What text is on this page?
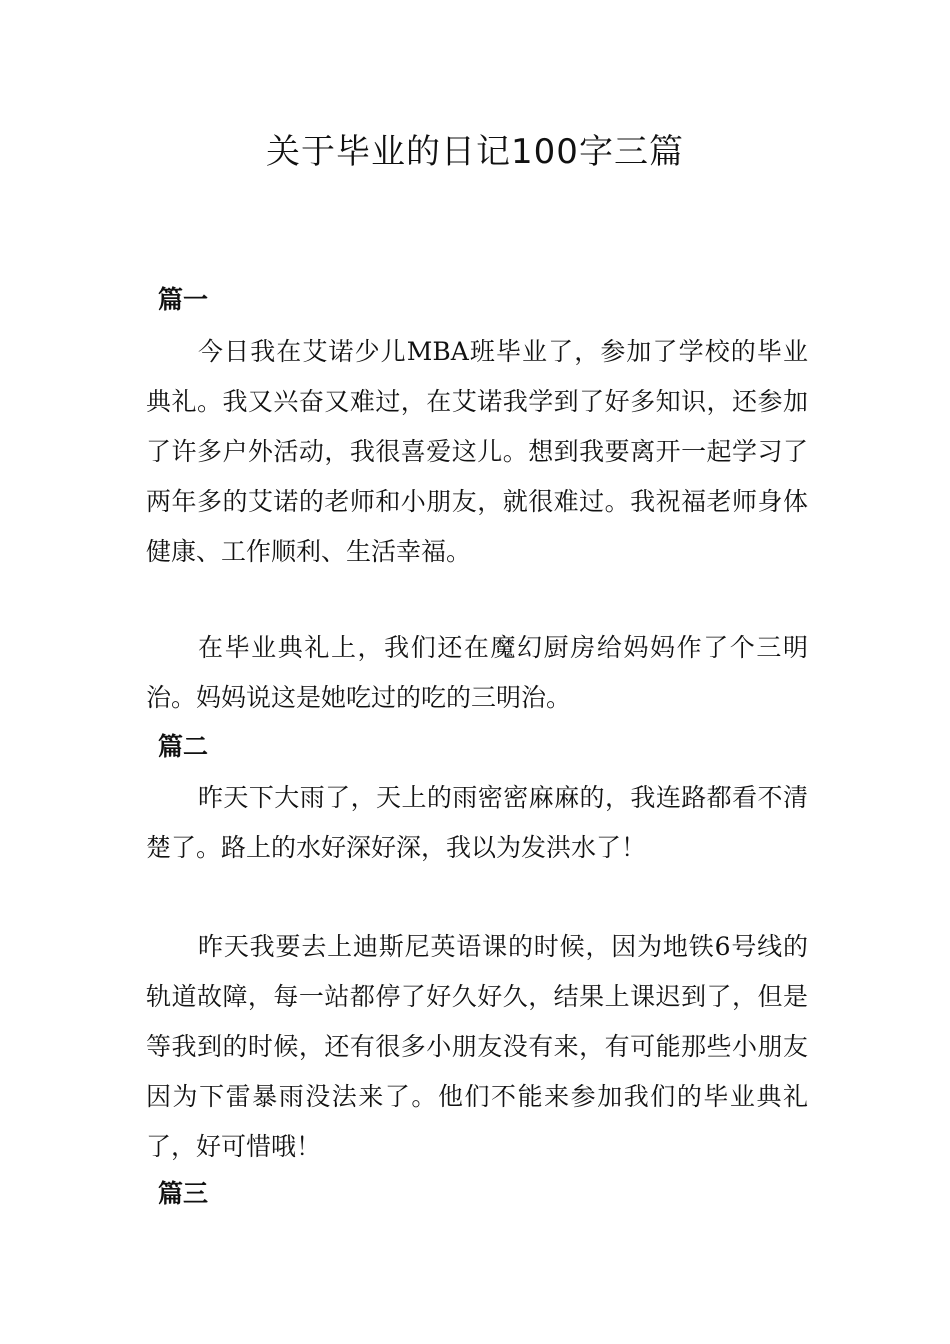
关于毕业的日记100字三篇
篇一

今日我在艾诺少儿MBA班毕业了，参加了学校的毕业典礼。我又兴奋又难过，在艾诺我学到了好多知识，还参加了许多户外活动，我很喜爱这儿。想到我要离开一起学习了两年多的艾诺的老师和小朋友，就很难过。我祝福老师身体健康、工作顺利、生活幸福。

在毕业典礼上，我们还在魔幻厨房给妈妈作了个三明治。妈妈说这是她吃过的吃的三明治。

篇二

昨天下大雨了，天上的雨密密麻麻的，我连路都看不清楚了。路上的水好深好深，我以为发洪水了！

昨天我要去上迪斯尼英语课的时候，因为地铁6号线的轨道故障，每一站都停了好久好久，结果上课迟到了，但是等我到的时候，还有很多小朋友没有来，有可能那些小朋友因为下雷暴雨没法来了。他们不能来参加我们的毕业典礼了，好可惜哦！

篇三
